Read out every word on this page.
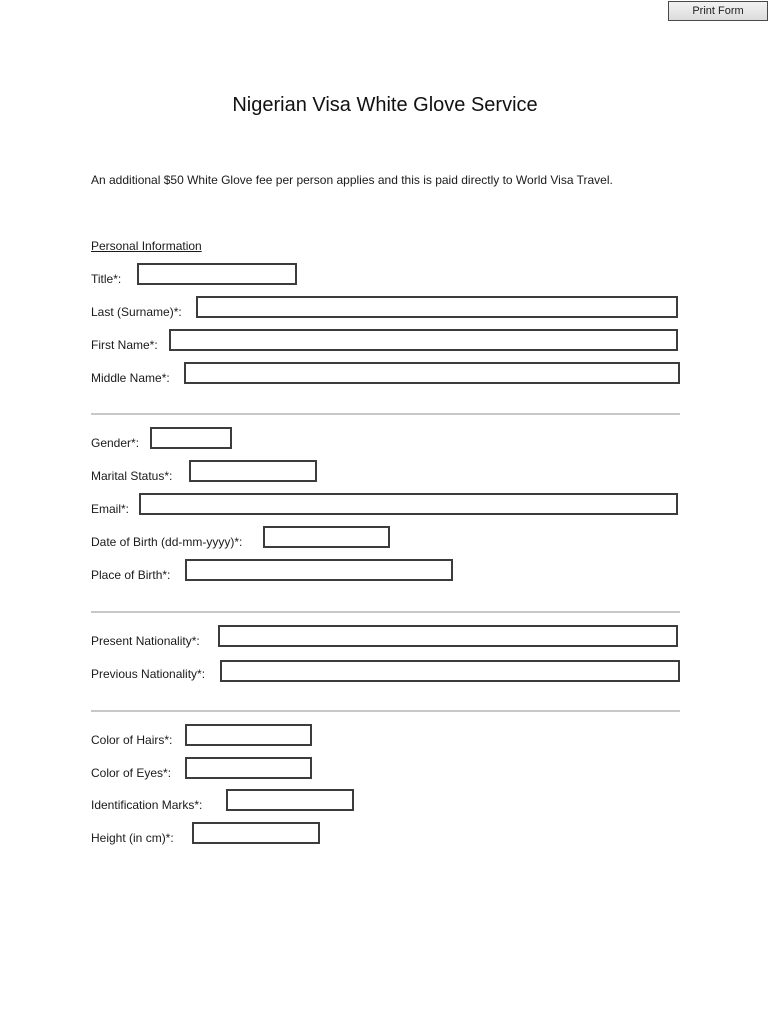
Print Form
Nigerian Visa White Glove Service
An additional $50 White Glove fee per person applies and this is paid directly to World Visa Travel.
Personal Information
Title*:
Last (Surname)*:
First Name*:
Middle Name*:
Gender*:
Marital Status*:
Email*:
Date of Birth (dd-mm-yyyy)*:
Place of Birth*:
Present Nationality*:
Previous Nationality*:
Color of Hairs*:
Color of Eyes*:
Identification Marks*:
Height (in cm)*:
